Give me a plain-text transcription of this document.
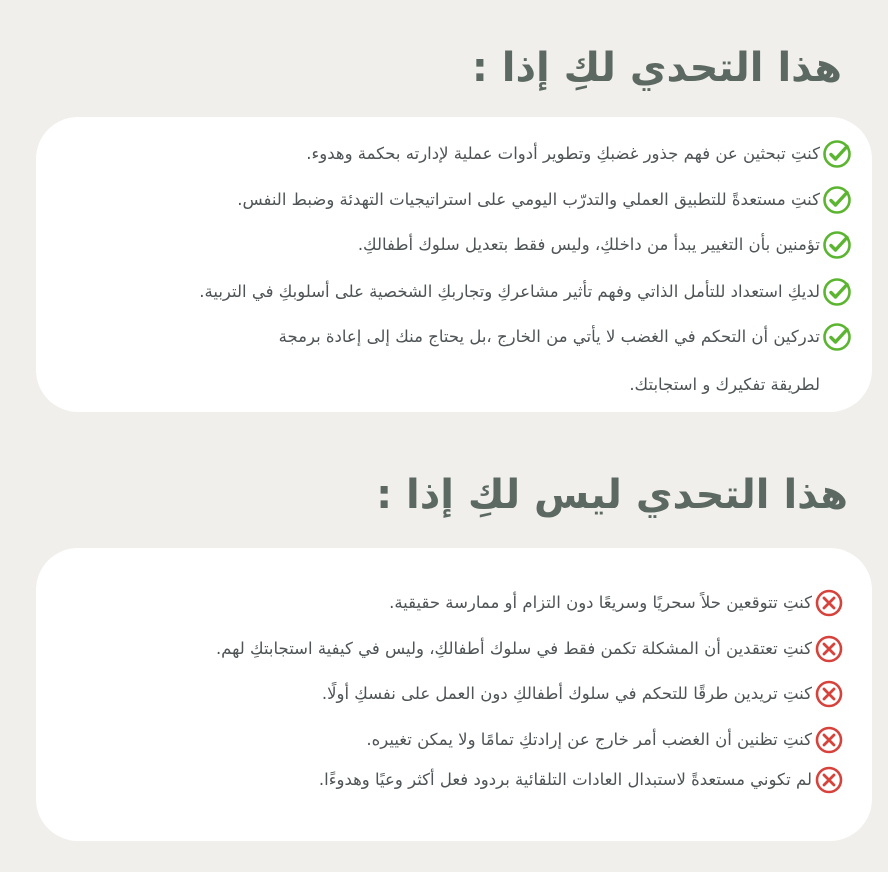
هذا التحدي لكِ إذا :
كنتِ تبحثين عن فهم جذور غضبكِ وتطوير أدوات عملية لإدارته بحكمة وهدوء.
كنتِ مستعدةً للتطبيق العملي والتدرّب اليومي على استراتيجيات التهدئة وضبط النفس.
تؤمنين بأن التغيير يبدأ من داخلكِ، وليس فقط بتعديل سلوك أطفالكِ.
لديكِ استعداد للتأمل الذاتي وفهم تأثير مشاعركِ وتجاربكِ الشخصية على أسلوبكِ في التربية.
تدركين أن التحكم في الغضب لا يأتي من الخارج ،بل يحتاج منك إلى إعادة برمجة
لطريقة تفكيرك و استجابتك.
هذا التحدي ليس لكِ إذا :
كنتِ تتوقعين حلاً سحريًا وسريعًا دون التزام أو ممارسة حقيقية.
كنتِ تعتقدين أن المشكلة تكمن فقط في سلوك أطفالكِ، وليس في كيفية استجابتكِ لهم.
كنتِ تريدين طرقًا للتحكم في سلوك أطفالكِ دون العمل على نفسكِ أولًا.
كنتِ تظنين أن الغضب أمر خارج عن إرادتكِ تمامًا ولا يمكن تغييره.
لم تكوني مستعدةً لاستبدال العادات التلقائية بردود فعل أكثر وعيًا وهدوءًا.
